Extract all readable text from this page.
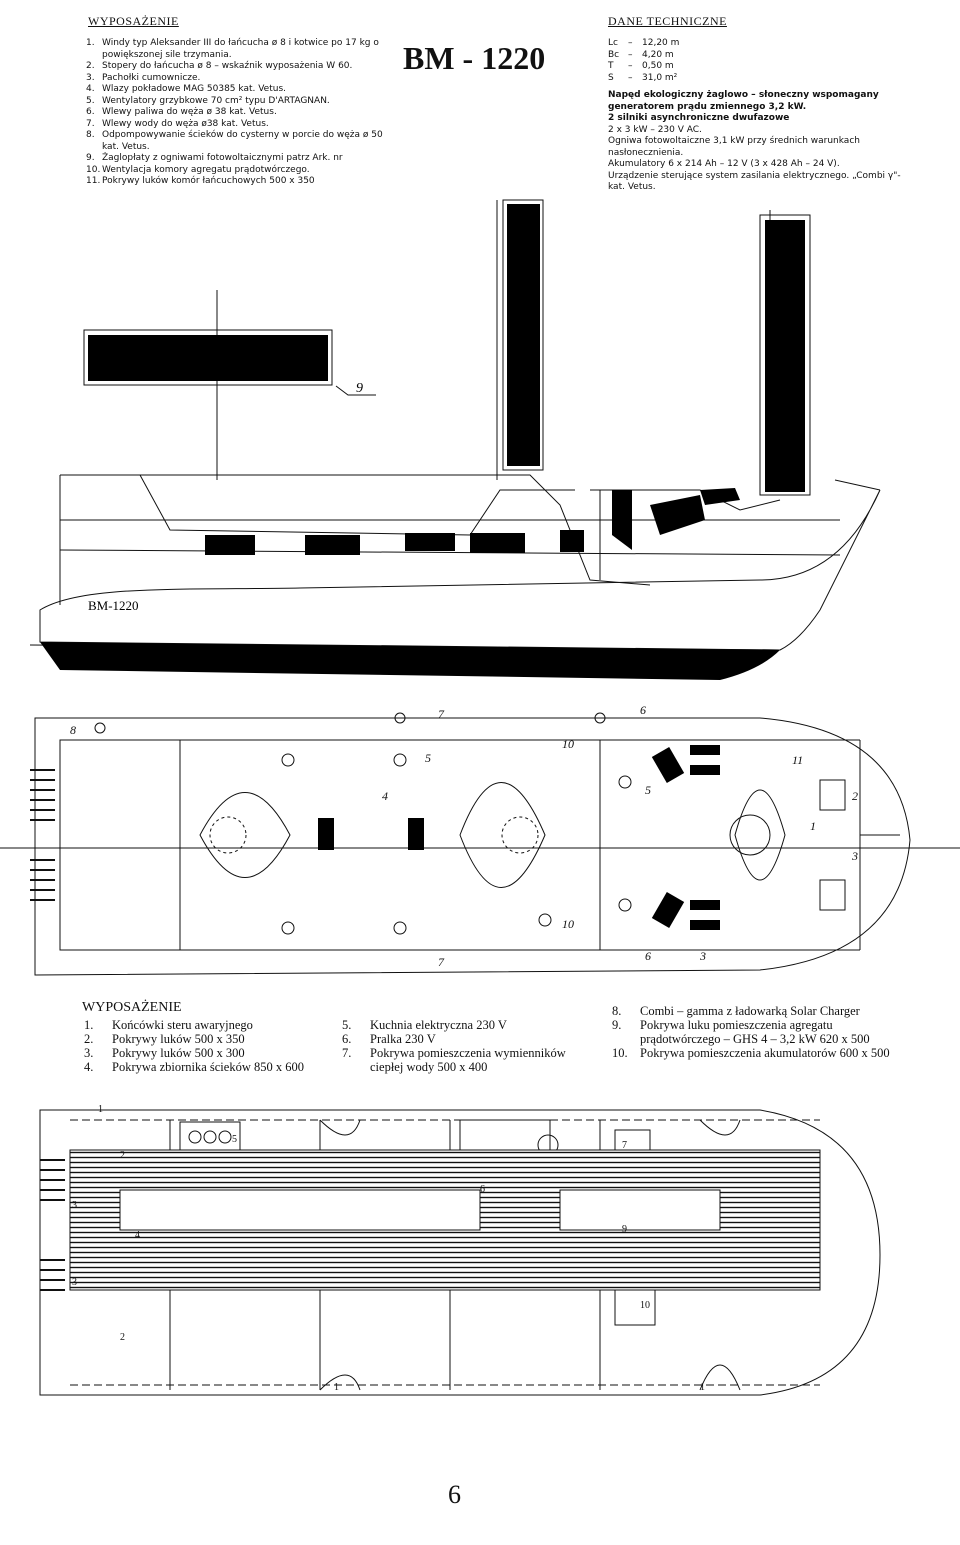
WYPOSAŻENIE
1. Windy typ Aleksander III do łańcucha ø 8 i kotwice po 17 kg o powiększonej sile trzymania.
2. Stopery do łańcucha ø 8 – wskaźnik wyposażenia W 60.
3. Pachołki cumownicze.
4. Wlazy pokładowe MAG 50385 kat. Vetus.
5. Wentylatory grzybkowe 70 cm² typu D'ARTAGNAN.
6. Wlewy paliwa do węża ø 38 kat. Vetus.
7. Wlewy wody do węża ø38 kat. Vetus.
8. Odpompowywanie ścieków do cysterny w porcie do węża ø 50 kat. Vetus.
9. Żaglopłaty z ogniwami fotowoltaicznymi patrz Ark. nr
10. Wentylacja komory agregatu prądotwórczego.
11. Pokrywy luków komór łańcuchowych 500 x 350
BM - 1220
DANE TECHNICZNE
Lc – 12,20 m
Bc – 4,20 m
T – 0,50 m
S – 31,0 m²
Napęd ekologiczny żaglowo – słoneczny wspomagany generatorem prądu zmiennego 3,2 kW.
2 silniki asynchroniczne dwufazowe
2 x 3 kW – 230 V AC.
Ogniwa fotowoltaiczne 3,1 kW przy średnich warunkach nasłonecznienia.
Akumulatory 6 x 214 Ah – 12 V (3 x 428 Ah – 24 V).
Urządzenie sterujące system zasilania elektrycznego. „Combi γ"- kat. Vetus.
BM-1220
9
8
7	6
5
4	5
10
11
2
1
3
10
7	6	3
WYPOSAŻENIE
1. Końcówki steru awaryjnego
2. Pokrywy luków 500 x 350
3. Pokrywy luków 500 x 300
4. Pokrywa zbiornika ścieków 850 x 600
5. Kuchnia elektryczna 230 V
6. Pralka 230 V
7. Pokrywa pomieszczenia wymienników ciepłej wody 500 x 400
8. Combi – gamma z ładowarką Solar Charger
9. Pokrywa luku pomieszczenia agregatu prądotwórczego – GHS 4 – 3,2 kW 620 x 500
10. Pokrywa pomieszczenia akumulatorów 600 x 500
1
2
3
4
3
2
5
6
7
9
10
1	1
6
